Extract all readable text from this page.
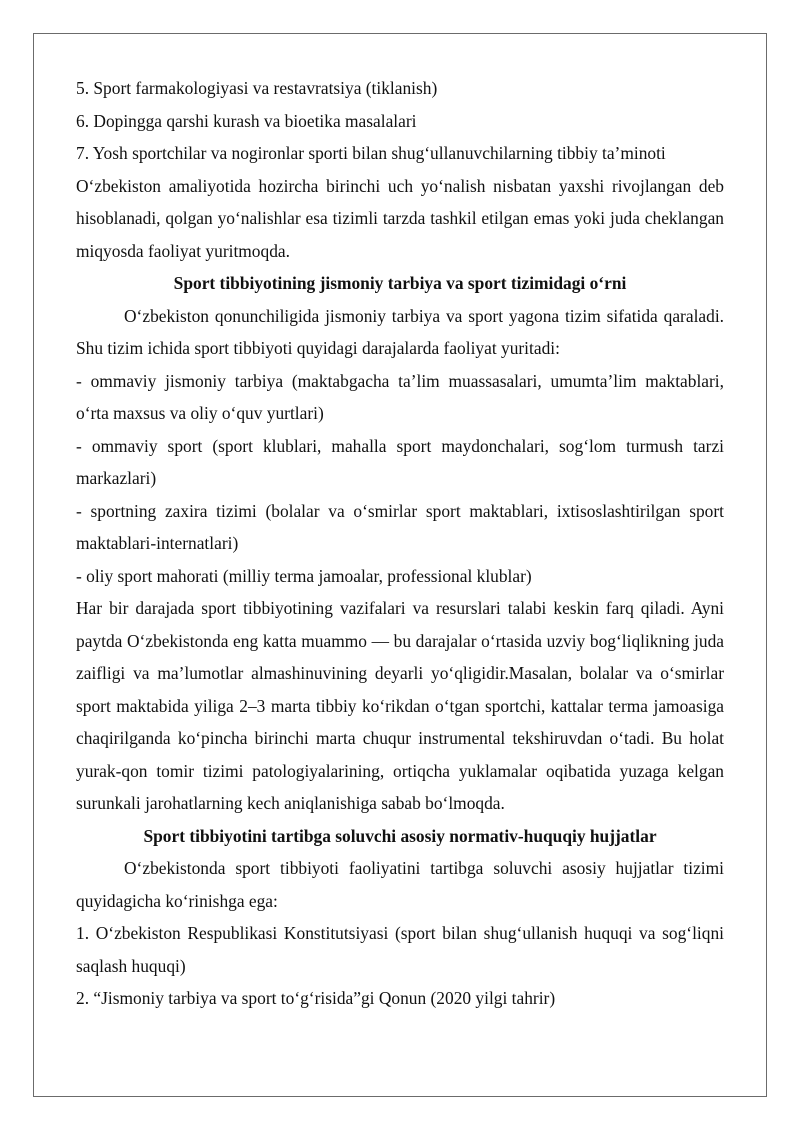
5. Sport farmakologiyasi va restavratsiya (tiklanish)

6. Dopingga qarshi kurash va bioetika masalalari

7. Yosh sportchilar va nogironlar sporti bilan shug‘ullanuvchilarning tibbiy ta’minoti

O‘zbekiston amaliyotida hozircha birinchi uch yo‘nalish nisbatan yaxshi rivojlangan deb hisoblanadi, qolgan yo‘nalishlar esa tizimli tarzda tashkil etilgan emas yoki juda cheklangan miqyosda faoliyat yuritmoqda.

Sport tibbiyotining jismoniy tarbiya va sport tizimidagi o‘rni

O‘zbekiston qonunchiligida jismoniy tarbiya va sport yagona tizim sifatida qaraladi. Shu tizim ichida sport tibbiyoti quyidagi darajalarda faoliyat yuritadi:

- ommaviy jismoniy tarbiya (maktabgacha ta’lim muassasalari, umumta’lim maktablari, o‘rta maxsus va oliy o‘quv yurtlari)

- ommaviy sport (sport klublari, mahalla sport maydonchalari, sog‘lom turmush tarzi markazlari)

- sportning zaxira tizimi (bolalar va o‘smirlar sport maktablari, ixtisoslashtirilgan sport maktablari-internatlari)

- oliy sport mahorati (milliy terma jamoalar, professional klublar)

Har bir darajada sport tibbiyotining vazifalari va resurslari talabi keskin farq qiladi. Ayni paytda O‘zbekistonda eng katta muammo — bu darajalar o‘rtasida uzviy bog‘liqlikning juda zaifligi va ma’lumotlar almashinuvining deyarli yo‘qligidir.Masalan, bolalar va o‘smirlar sport maktabida yiliga 2–3 marta tibbiy ko‘rikdan o‘tgan sportchi, kattalar terma jamoasiga chaqirilganda ko‘pincha birinchi marta chuqur instrumental tekshiruvdan o‘tadi. Bu holat yurak-qon tomir tizimi patologiyalarining, ortiqcha yuklamalar oqibatida yuzaga kelgan surunkali jarohatlarning kech aniqlanishiga sabab bo‘lmoqda.

Sport tibbiyotini tartibga soluvchi asosiy normativ-huquqiy hujjatlar

O‘zbekistonda sport tibbiyoti faoliyatini tartibga soluvchi asosiy hujjatlar tizimi quyidagicha ko‘rinishga ega:

1. O‘zbekiston Respublikasi Konstitutsiyasi (sport bilan shug‘ullanish huquqi va sog‘liqni saqlash huquqi)

2. “Jismoniy tarbiya va sport to‘g‘risida”gi Qonun (2020 yilgi tahrir)
